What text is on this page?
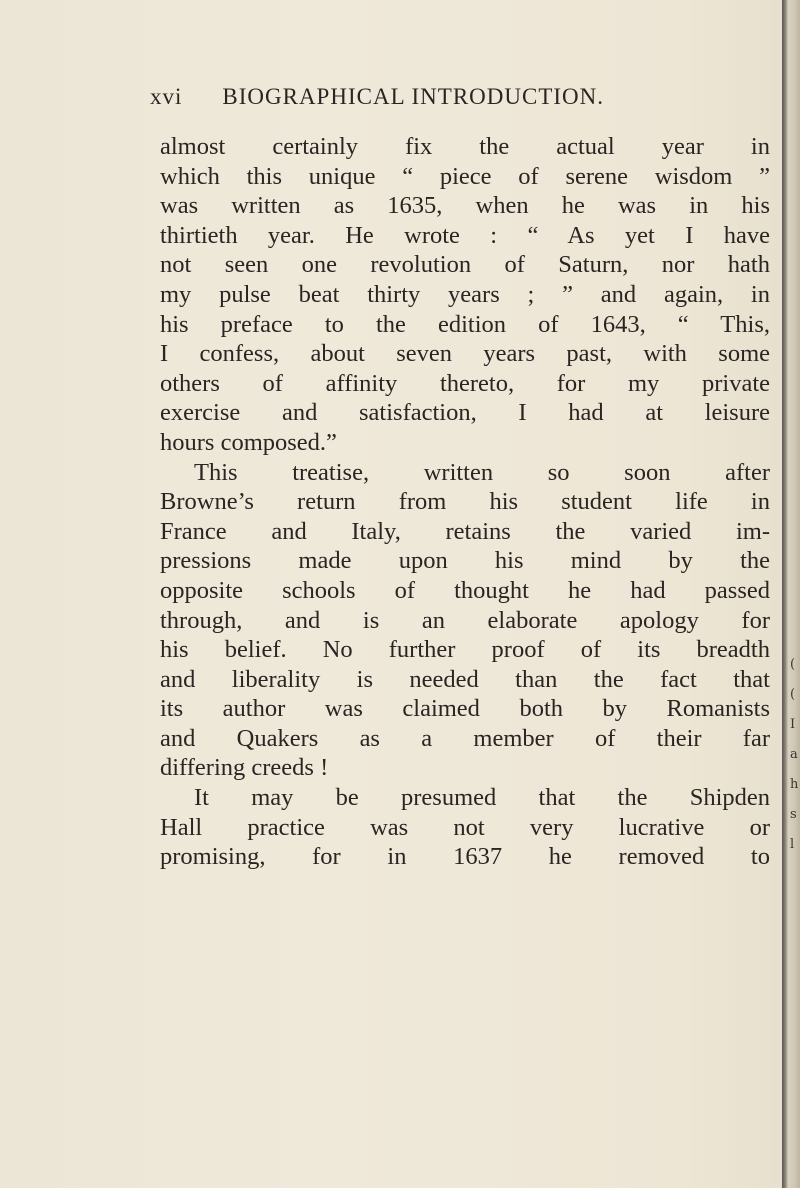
xvi BIOGRAPHICAL INTRODUCTION.
almost certainly fix the actual year in
which this unique “ piece of serene wisdom ”
was written as 1635, when he was in his
thirtieth year. He wrote : “ As yet I have
not seen one revolution of Saturn, nor hath
my pulse beat thirty years ; ” and again, in
his preface to the edition of 1643, “ This,
I confess, about seven years past, with some
others of affinity thereto, for my private
exercise and satisfaction, I had at leisure
hours composed.”
This treatise, written so soon after
Browne’s return from his student life in
France and Italy, retains the varied im-
pressions made upon his mind by the
opposite schools of thought he had passed
through, and is an elaborate apology for
his belief. No further proof of its breadth
and liberality is needed than the fact that
its author was claimed both by Romanists
and Quakers as a member of their far
differing creeds !
It may be presumed that the Shipden
Hall practice was not very lucrative or
promising, for in 1637 he removed to
(
(
I
a
h
s
l
